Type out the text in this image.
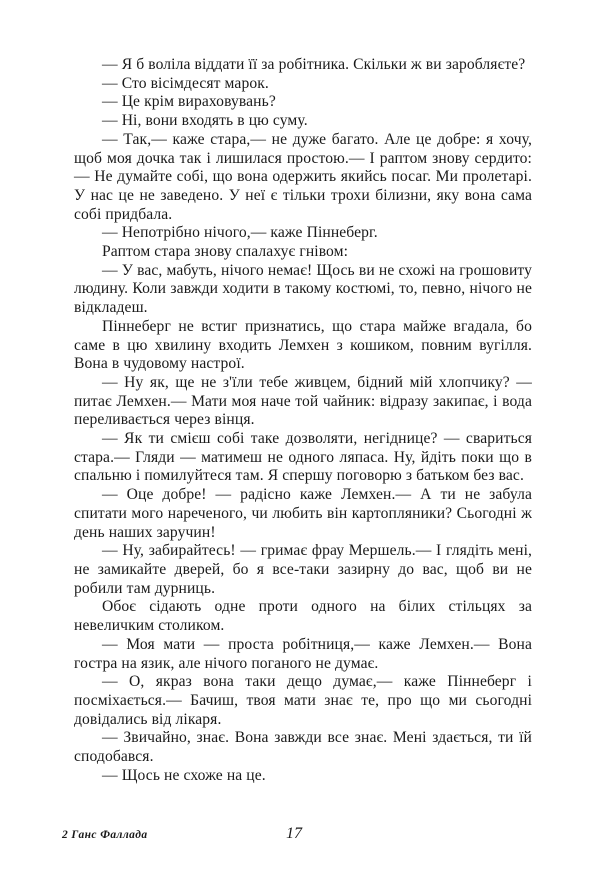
— Я б воліла віддати її за робітника. Скільки ж ви заробляєте?

— Сто вісімдесят марок.

— Це крім вираховувань?

— Ні, вони входять в цю суму.

— Так,— каже стара,— не дуже багато. Але це добре: я хочу, щоб моя дочка так і лишилася простою.— І раптом знову сердито: — Не думайте собі, що вона одержить якийсь посаг. Ми пролетарі. У нас це не заведено. У неї є тільки трохи білизни, яку вона сама собі придбала.

— Непотрібно нічого,— каже Піннеберг.

Раптом стара знову спалахує гнівом:

— У вас, мабуть, нічого немає! Щось ви не схожі на грошовиту людину. Коли завжди ходити в такому костюмі, то, певно, нічого не відкладеш.

Піннеберг не встиг признатись, що стара майже вгадала, бо саме в цю хвилину входить Лемхен з кошиком, повним вугілля. Вона в чудовому настрої.

— Ну як, ще не з'їли тебе живцем, бідний мій хлопчику? — питає Лемхен.— Мати моя наче той чайник: відразу закипає, і вода переливається через вінця.

— Як ти смієш собі таке дозволяти, негіднице? — свариться стара.— Гляди — матимеш не одного ляпаса. Ну, йдіть поки що в спальню і помилуйтеся там. Я спершу поговорю з батьком без вас.

— Оце добре! — радісно каже Лемхен.— А ти не забула спитати мого нареченого, чи любить він картопляники? Сьогодні ж день наших заручин!

— Ну, забирайтесь! — гримає фрау Мершель.— І глядіть мені, не замикайте дверей, бо я все-таки зазирну до вас, щоб ви не робили там дурниць.

Обоє сідають одне проти одного на білих стільцях за невеличким столиком.

— Моя мати — проста робітниця,— каже Лемхен.— Вона гостра на язик, але нічого поганого не думає.

— О, якраз вона таки дещо думає,— каже Піннеберг і посміхається.— Бачиш, твоя мати знає те, про що ми сьогодні довідались від лікаря.

— Звичайно, знає. Вона завжди все знає. Мені здається, ти їй сподобався.

— Щось не схоже на це.

2 Ганс Фаллада	17
